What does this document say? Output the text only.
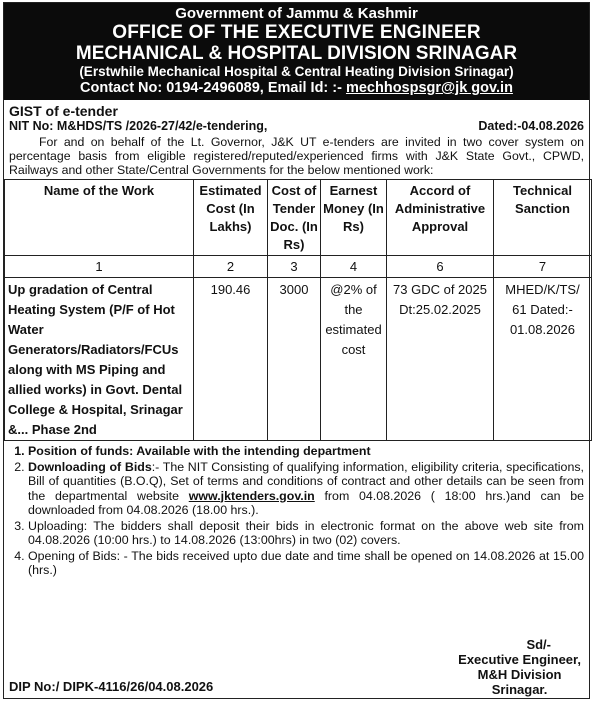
Government of Jammu & Kashmir
OFFICE OF THE EXECUTIVE ENGINEER
MECHANICAL & HOSPITAL DIVISION SRINAGAR
(Erstwhile Mechanical Hospital & Central Heating Division Srinagar)
Contact No: 0194-2496089, Email Id: :- mechhospsgr@jk gov.in
GIST of e-tender
NIT No: M&HDS/TS /2026-27/42/e-tendering,	Dated:-04.08.2026
For and on behalf of the Lt. Governor, J&K UT e-tenders are invited in two cover system on percentage basis from eligible registered/reputed/experienced firms with J&K State Govt., CPWD, Railways and other State/Central Governments for the below mentioned work:
Name of the Work	Estimated Cost (In Lakhs)	Cost of Tender Doc. (In Rs)	Earnest Money (In Rs)	Accord of Administrative Approval	Technical Sanction
1	2	3	4	6	7
Up gradation of Central Heating System (P/F of Hot Water Generators/Radiators/FCUs along with MS Piping and allied works) in Govt. Dental College & Hospital, Srinagar &... Phase 2nd	190.46	3000	@2% of the estimated cost	73 GDC of 2025 Dt:25.02.2025	MHED/K/TS/ 61 Dated:- 01.08.2026
1. Position of funds: Available with the intending department
2. Downloading of Bids:- The NIT Consisting of qualifying information, eligibility criteria, specifications, Bill of quantities (B.O.Q), Set of terms and conditions of contract and other details can be seen from the departmental website www.jktenders.gov.in from 04.08.2026 ( 18:00 hrs.)and can be downloaded from 04.08.2026 (18.00 hrs.).
3. Uploading: The bidders shall deposit their bids in electronic format on the above web site from 04.08.2026 (10:00 hrs.) to 14.08.2026 (13:00hrs) in two (02) covers.
4. Opening of Bids: - The bids received upto due date and time shall be opened on 14.08.2026 at 15.00 (hrs.)
Sd/-
Executive Engineer,
M&H Division
Srinagar.
DIP No:/ DIPK-4116/26/04.08.2026
